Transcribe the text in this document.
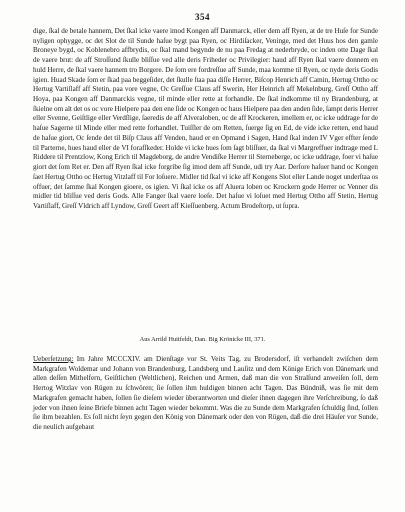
354

dige, ſkal de betale hannem, Det ſkal icke vaere imod Kongen aff Danmarck, eller dem aff Ryen, at de tre Huſe for Sunde nyligen ophygge, oc det Slot de til Sunde haſue bygt paa Ryen, oc Hirdiſacker, Veninge, med det Huus hos den gamle Broneye bygd, oc Koblenebro affbrydis, oc ſkal mand begynde de nu paa Fredag at nederbryde, oc inden otte Dage ſkal de vaere brut: de aff Stroſſund ſkulle bliſſue ved alle deris Friheder oc Privilegier: haud aff Ryen ſkal vaere donnem en huld Herre, de ſkal vaere hannem tro Borgere. De ſom ere fordreſſue aff Sunde, maa komme til Ryen, oc nyde deris Godis igien. Huad Skade ſom er ſkad paa beggeſider, det ſkulle ſtaa paa diſſe Herrer, Biſcop Henrich aff Camin, Hertug Ottho oc Hertug Vartiſlaff aff Stetin, paa vore vegne, Oc Greſſue Claus aff Swerin, Her Heinrich aff Mekelnburg, Greſſ Ottho aff Hoya, paa Kongen aff Danmarckis vegne, til minde eller rette at forhandle. De ſkal indkomme til ny Brandenburg, at ſkielne om alt det os oc vore Hielpere paa den ene ſide oc Kongen oc haus Hielpere paa den anden ſide, ſampt deris Herrer eller Svenne, Geiſtlige eller Verdſlige, ſaeredis de aff Alveraloben, oc de aff Krockeren, imellem er, oc icke uddrage for de haſue Sagerne til Minde eller med rette forhandlet. Tuiſſler de om Retten, ſuerge ſig en Ed, de vide icke retten, end haud de haſue giort, Oc ſende det til Biſp Claus aff Venden, haud er en Opmand i Sagen, Hand ſkal inden IV Vger effter ſende til Parterne, hues haud eller de VI forafſkeder. Holde vi icke hues ſom ſagt bliſſuer, da ſkal vi Margreffuer indtrage med L Riddere til Prentzlow, Kong Erich til Magdeborg, de andre Vendiſke Herrer til Sterneberge, oc icke uddrage, foer vi haſue giort det ſom Ret er. Den aff Ryen ſkal icke forgribe ſig imod dem aff Sunde, udi try Aar. Derſore haſuer hand oc Kongen ſaet Hertug Ottho oc Hertug Vitzlaff til For loſuere. Midler tid ſkal vi icke aff Kongens Slot eller Lande noget underſtaa os offuer, det ſamme ſkal Kongen gioere, os igien. Vi ſkal icke os aff Aluera loben oc Krockern gode Herrer oc Venner dis midler tid bliſſue ved deris Gods. Alle Fanger ſkal vaere loeſe. Det haſue vi loſuet med Hertug Ottho aff Stetin, Hertug Vartiſlaff, Greſſ Vldrich aff Lyndow, Greſſ Geert aff Kieſſuenberg. Actum Brodeſtorp, ut ſupra.

Aus Arrild Huitfeldt, Dan. Big Krönicke III, 371.

Ueberſetzung: Im Jahre MCCCXIV. am Dienſtage vor St. Veits Tag, zu Brodersdorf, iſt verhandelt zwiſchen dem Markgrafen Woldemar und Johann von Brandenburg, Landsberg und Lauſitz und dem Könige Erich von Dänemark und allen deſſen Mithelfern, Geiſtlichen (Weltlichen), Reichen und Armen, daß man die von Stralſund anweiſen ſoll, dem Hertog Witzlav von Rügen zu ſchwören; ſie ſollen ihm huldigen binnen acht Tagen. Das Bündniß, was ſie mit dem Markgrafen gemacht haben, ſollen ſie dieſem wieder überantworten und dieſer ihnen dagegen ihre Verſchreibung, ſo daß jeder von ihnen ſeine Briefe binnen acht Tagen wieder bekommt. Was die zu Sunde dem Markgrafen ſchuldig ſind, ſollen ſie ihm bezahlen. Es ſoll nicht ſeyn gegen den König von Dänemark oder den von Rügen, daß die drei Häuſer vor Sunde, die neulich aufgebaut
